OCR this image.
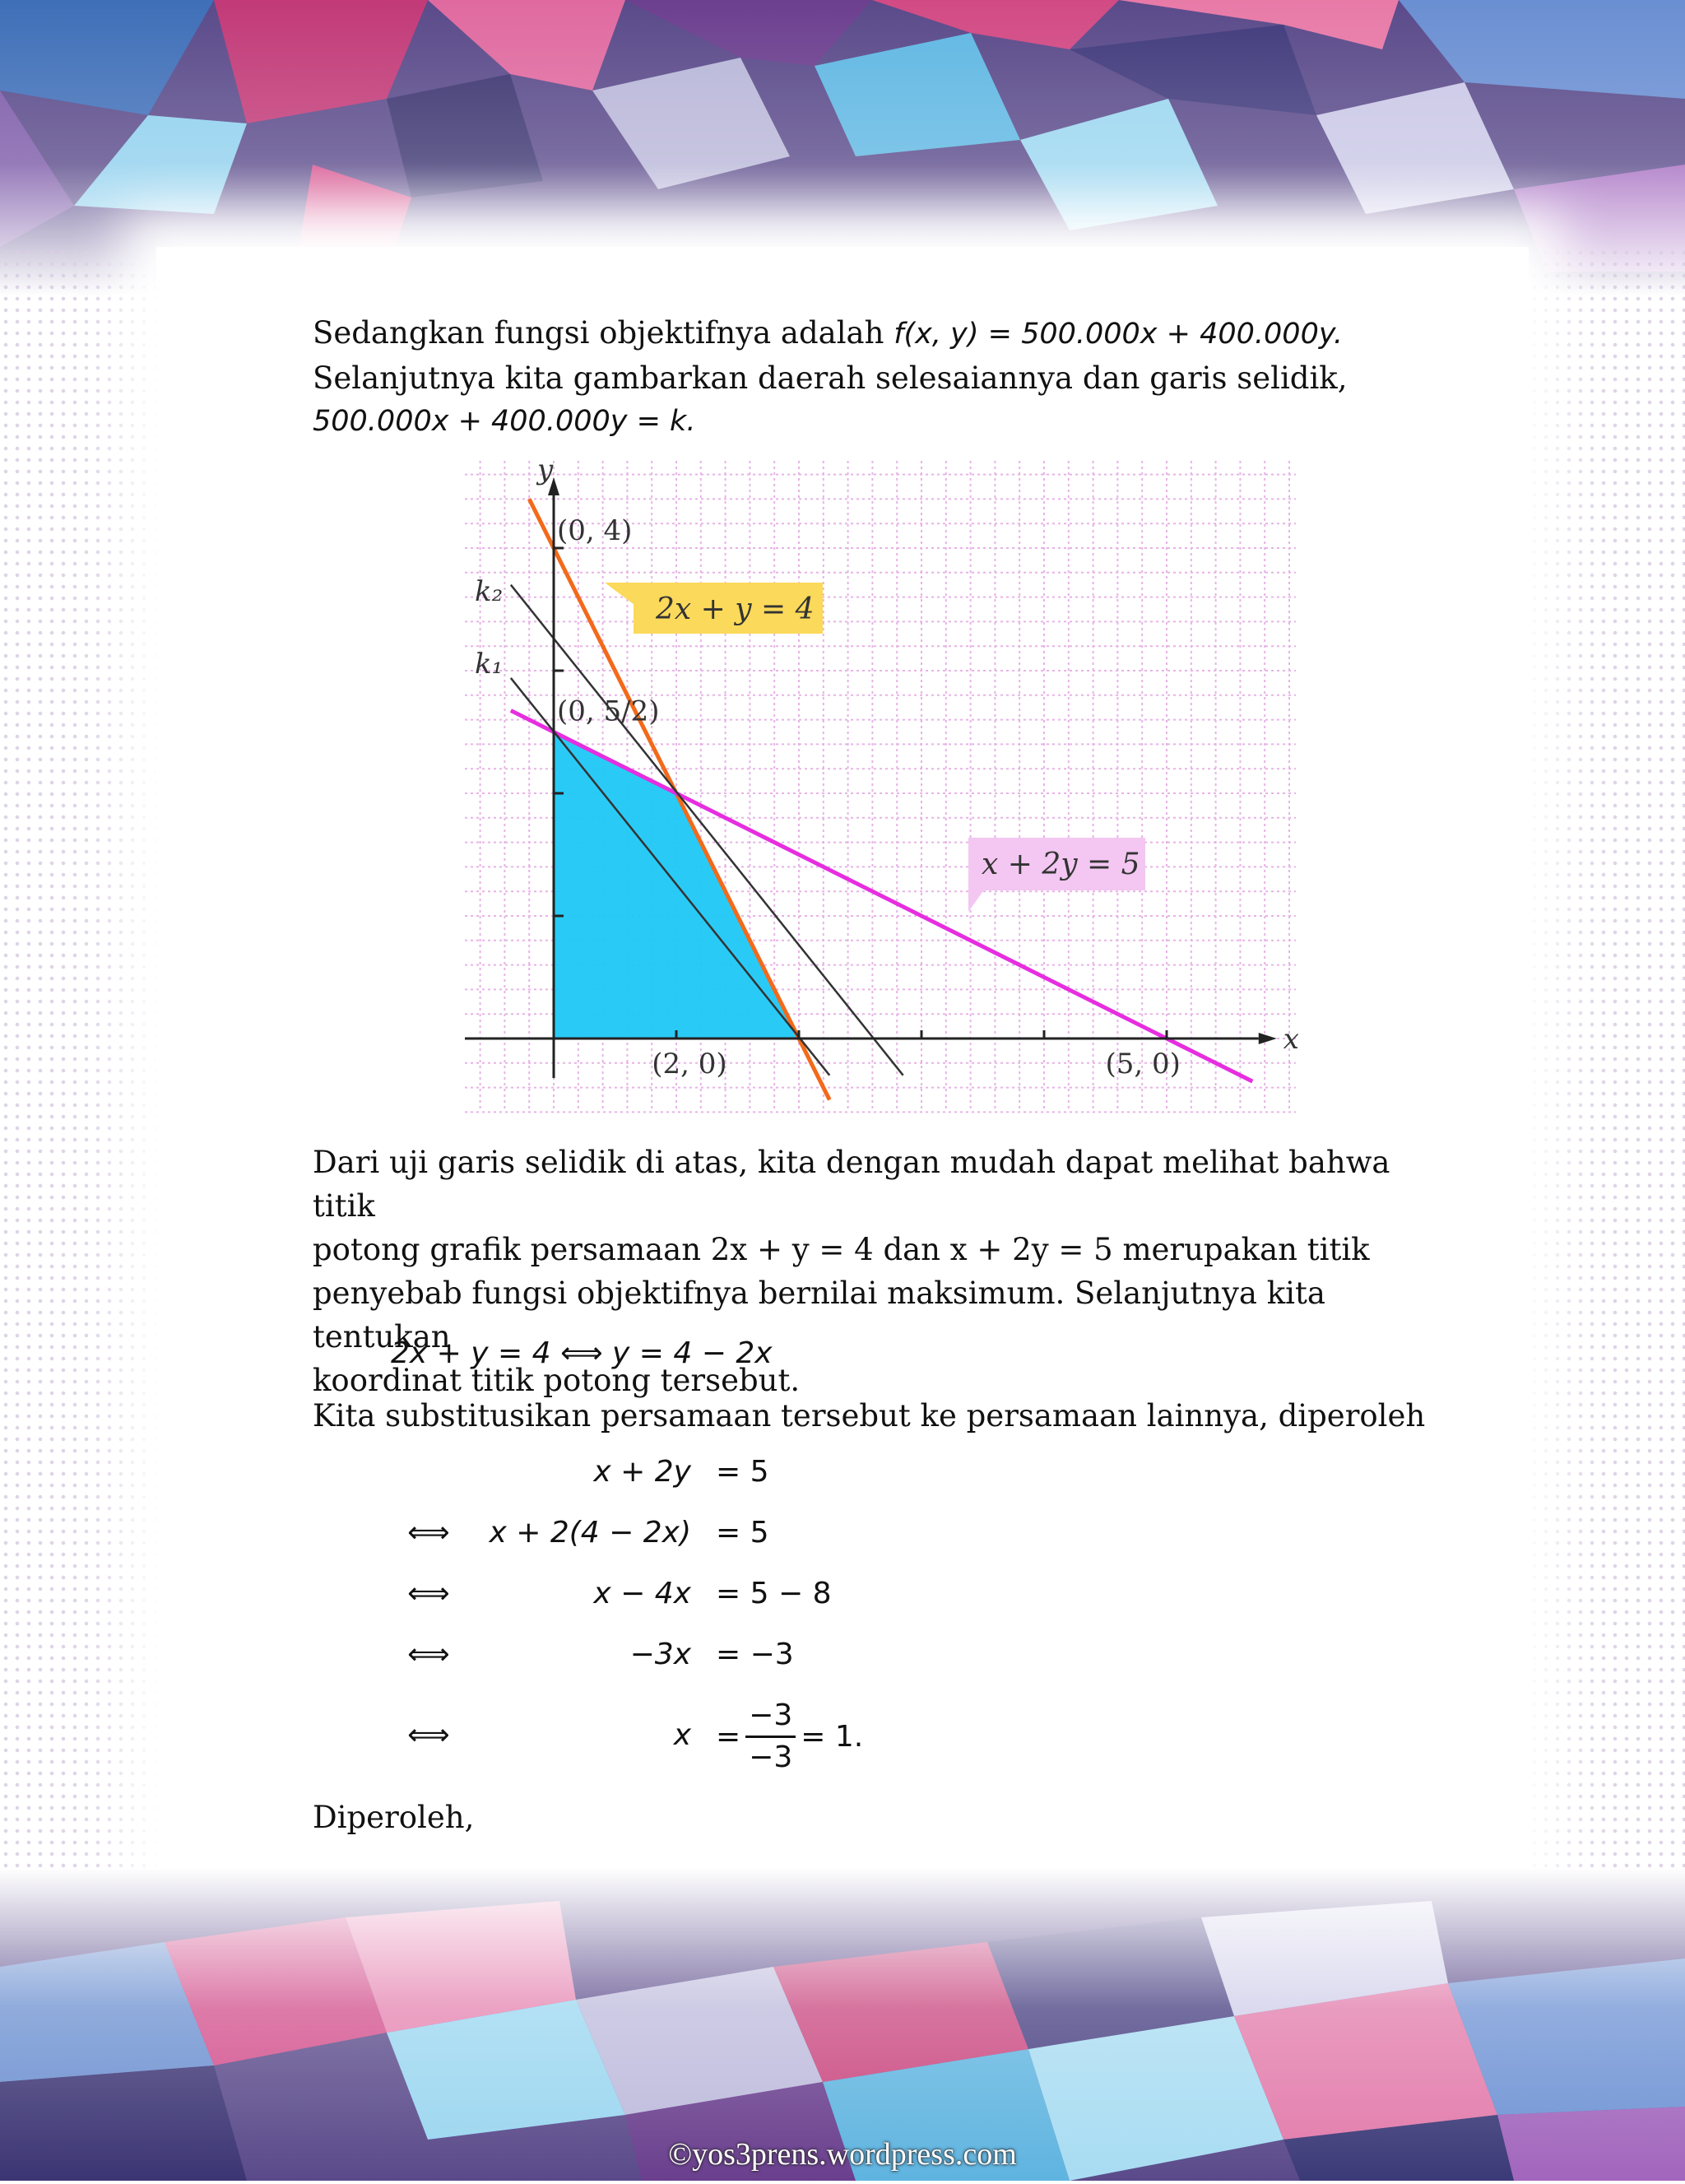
Sedangkan fungsi objektifnya adalah f(x, y) = 500.000x + 400.000y.
Selanjutnya kita gambarkan daerah selesaiannya dan garis selidik,
500.000x + 400.000y = k.
y
x
(0, 4)
(0, 5/2)
(2, 0)	(5, 0)
k₂
k₁
2x + y = 4
x + 2y = 5
Dari uji garis selidik di atas, kita dengan mudah dapat melihat bahwa titik
potong grafik persamaan 2x + y = 4 dan x + 2y = 5 merupakan titik
penyebab fungsi objektifnya bernilai maksimum. Selanjutnya kita tentukan
koordinat titik potong tersebut.
2x + y = 4 ⟺ y = 4 − 2x
Kita substitusikan persamaan tersebut ke persamaan lainnya, diperoleh
x + 2y = 5
⟺	x + 2(4 − 2x) = 5
⟺	x − 4x = 5 − 8
⟺	−3x = −3
⟺	$x = \frac{-3}{-3} = 1$.
Diperoleh,
©yos3prens.wordpress.com
